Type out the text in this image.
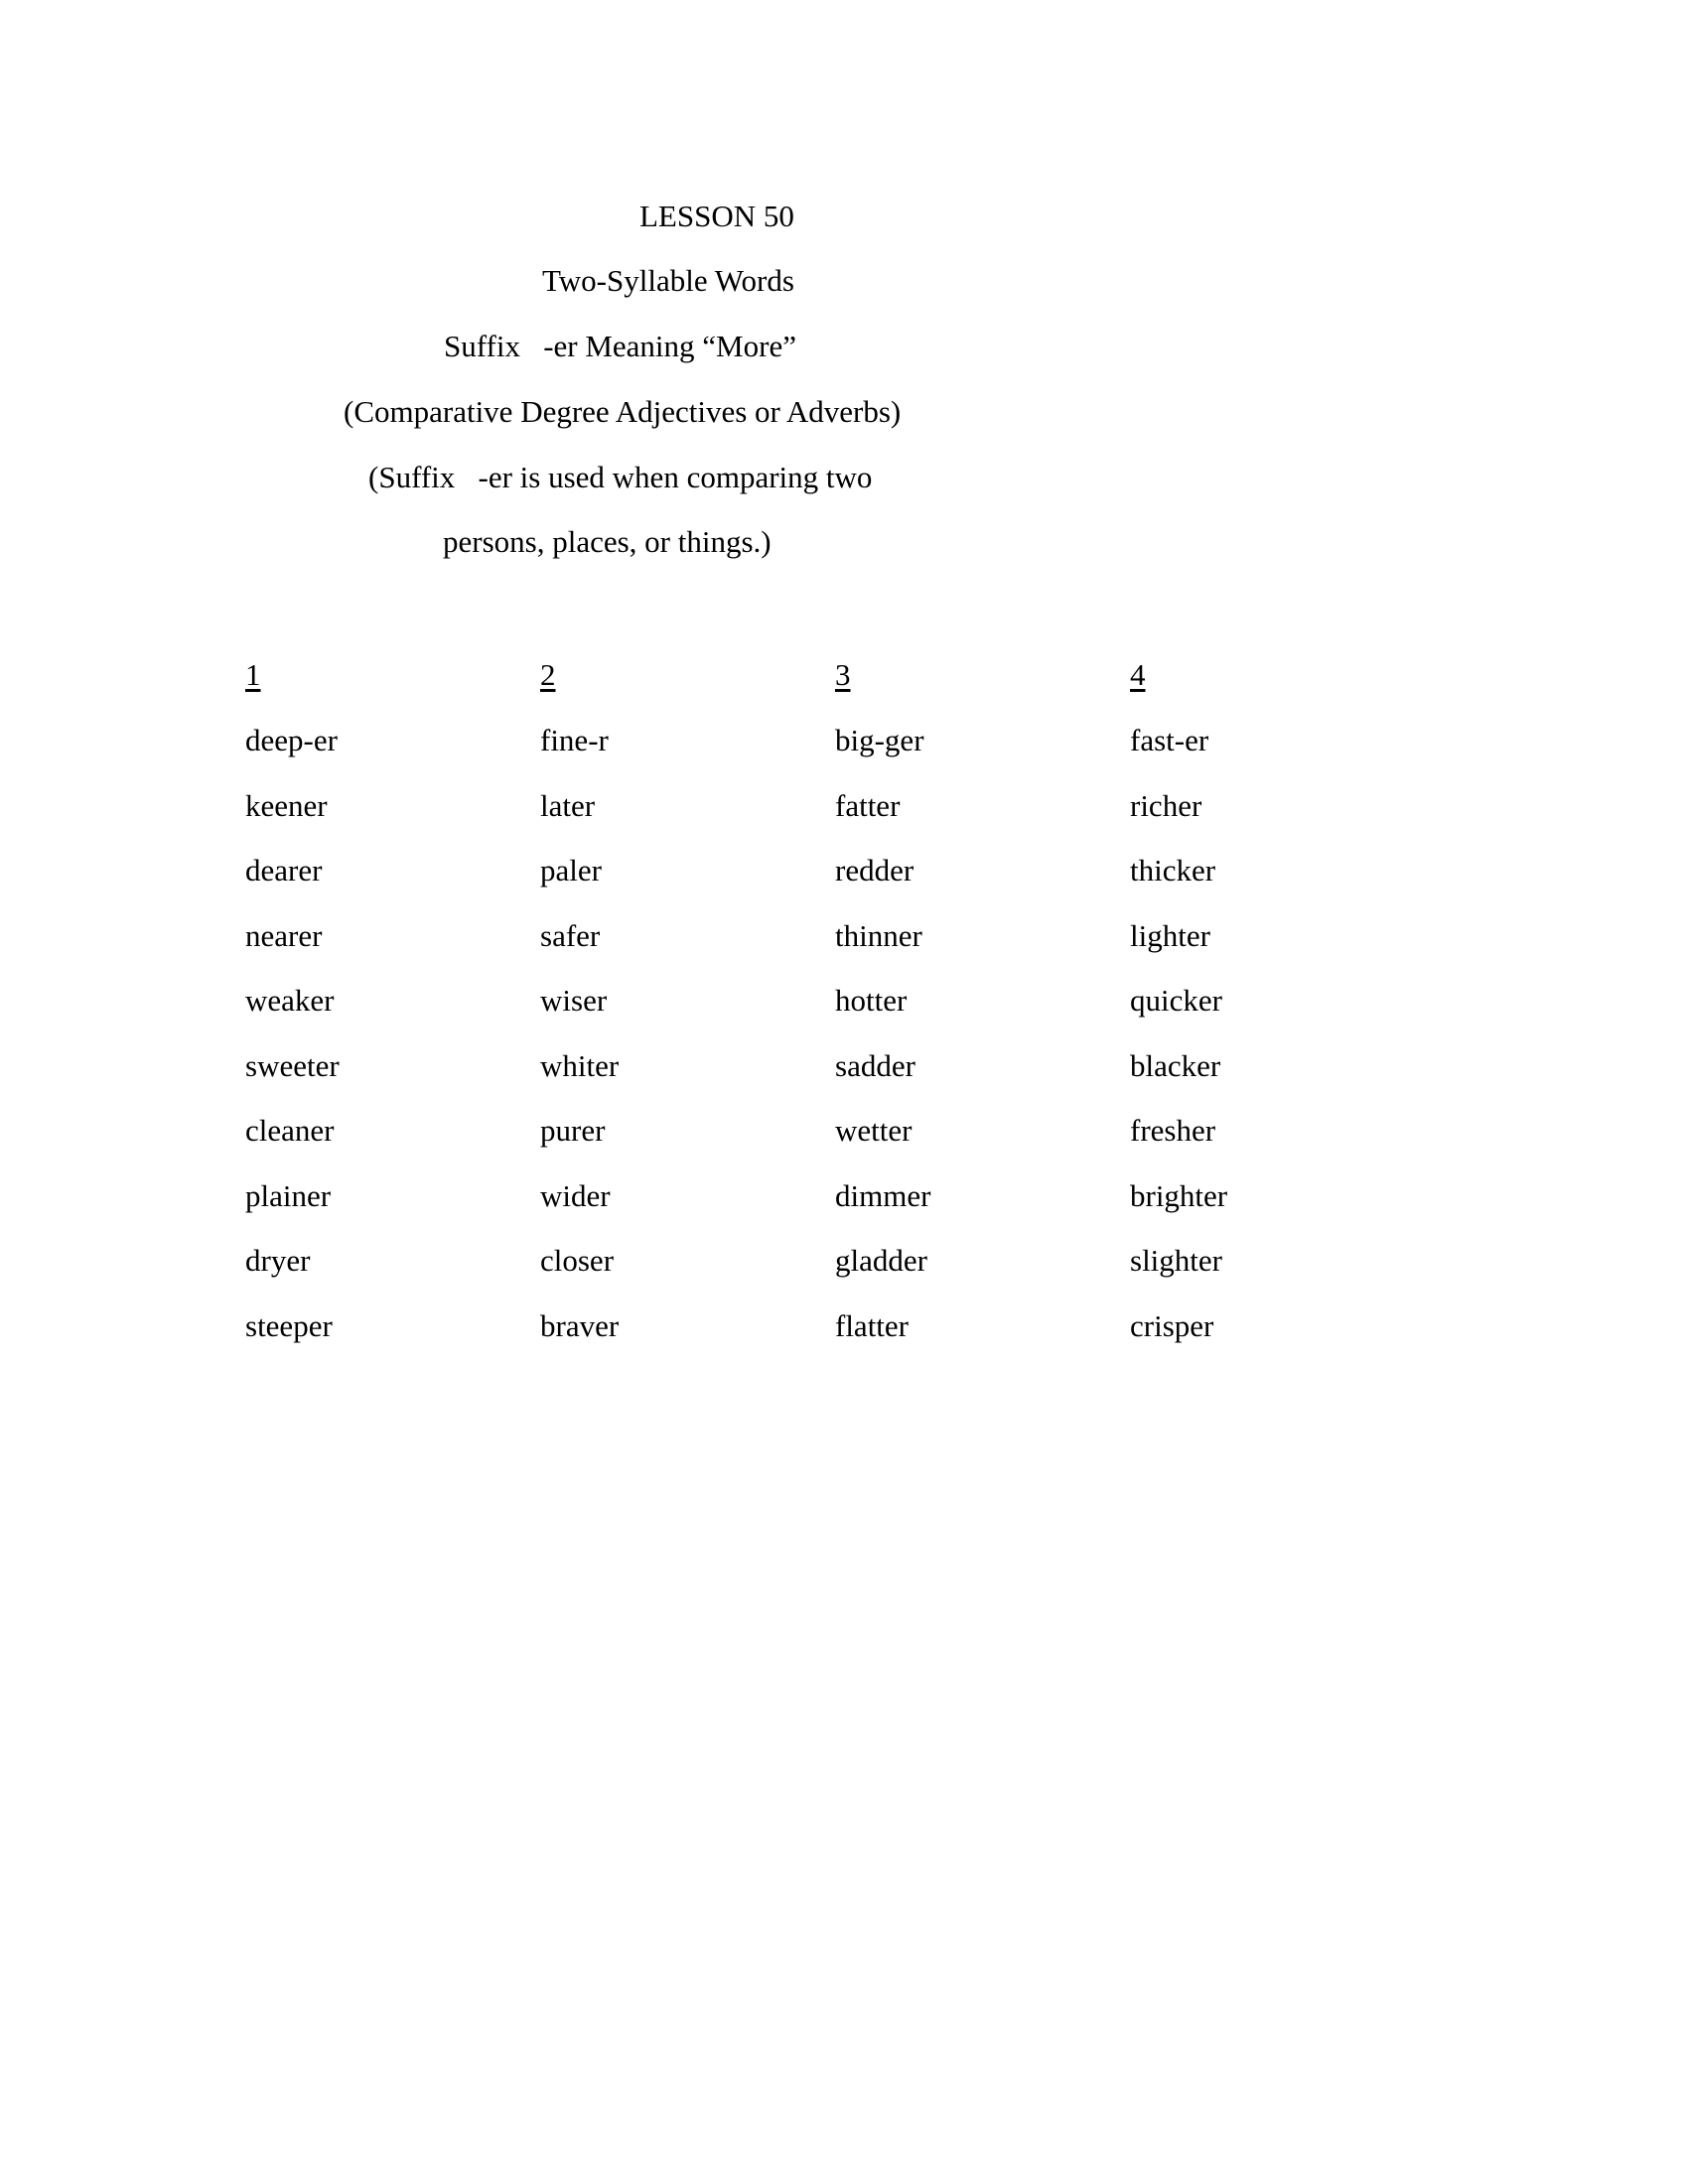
LESSON 50
Two-Syllable Words
Suffix   -er Meaning “More”
(Comparative Degree Adjectives or Adverbs)
(Suffix   -er is used when comparing two
persons, places, or things.)
1
deep-er
keener
dearer
nearer
weaker
sweeter
cleaner
plainer
dryer
steeper
2
fine-r
later
paler
safer
wiser
whiter
purer
wider
closer
braver
3
big-ger
fatter
redder
thinner
hotter
sadder
wetter
dimmer
gladder
flatter
4
fast-er
richer
thicker
lighter
quicker
blacker
fresher
brighter
slighter
crisper
